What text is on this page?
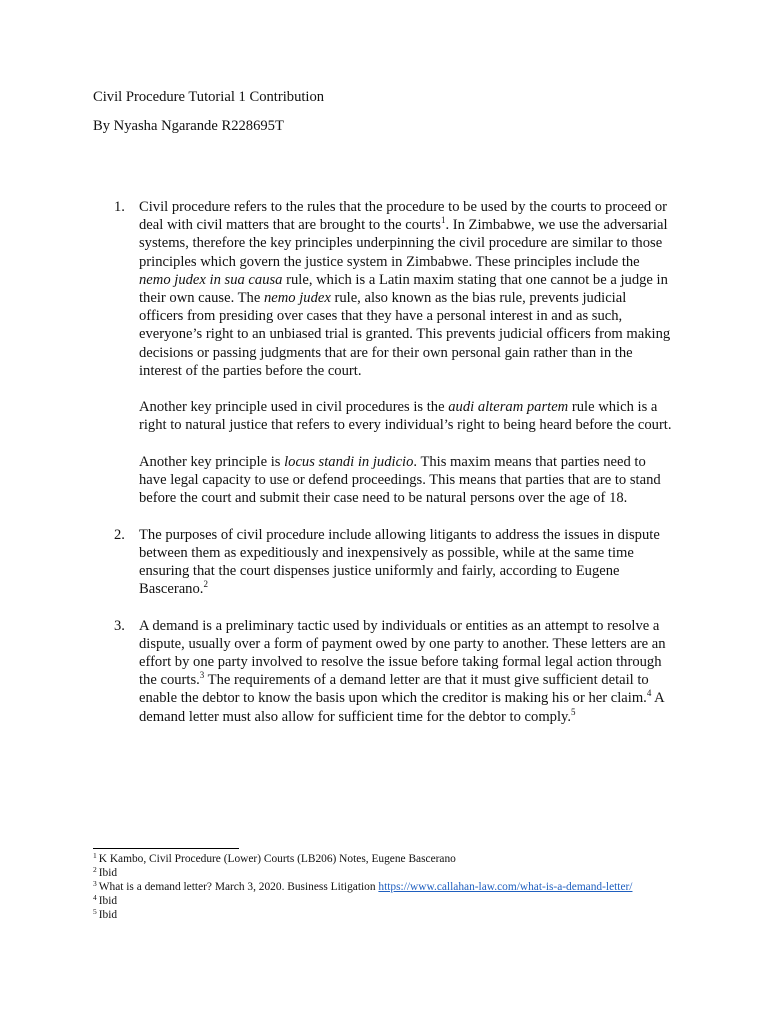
Civil Procedure Tutorial 1 Contribution
By Nyasha Ngarande R228695T
1. Civil procedure refers to the rules that the procedure to be used by the courts to proceed or deal with civil matters that are brought to the courts$^1$. In Zimbabwe, we use the adversarial systems, therefore the key principles underpinning the civil procedure are similar to those principles which govern the justice system in Zimbabwe. These principles include the nemo judex in sua causa rule, which is a Latin maxim stating that one cannot be a judge in their own cause. The nemo judex rule, also known as the bias rule, prevents judicial officers from presiding over cases that they have a personal interest in and as such, everyone’s right to an unbiased trial is granted. This prevents judicial officers from making decisions or passing judgments that are for their own personal gain rather than in the interest of the parties before the court.

Another key principle used in civil procedures is the audi alteram partem rule which is a right to natural justice that refers to every individual’s right to being heard before the court.

Another key principle is locus standi in judicio. This maxim means that parties need to have legal capacity to use or defend proceedings. This means that parties that are to stand before the court and submit their case need to be natural persons over the age of 18.

2. The purposes of civil procedure include allowing litigants to address the issues in dispute between them as expeditiously and inexpensively as possible, while at the same time ensuring that the court dispenses justice uniformly and fairly, according to Eugene Bascerano.$^2$

3. A demand is a preliminary tactic used by individuals or entities as an attempt to resolve a dispute, usually over a form of payment owed by one party to another. These letters are an effort by one party involved to resolve the issue before taking formal legal action through the courts.$^3$ The requirements of a demand letter are that it must give sufficient detail to enable the debtor to know the basis upon which the creditor is making his or her claim.$^4$ A demand letter must also allow for sufficient time for the debtor to comply.$^5$

$^1$ K Kambo, Civil Procedure (Lower) Courts (LB206) Notes, Eugene Bascerano

$^2$ Ibid

$^3$ What is a demand letter? March 3, 2020. Business Litigation https://www.callahan-law.com/what-is-a-demand-letter/

$^4$ Ibid

$^5$ Ibid
